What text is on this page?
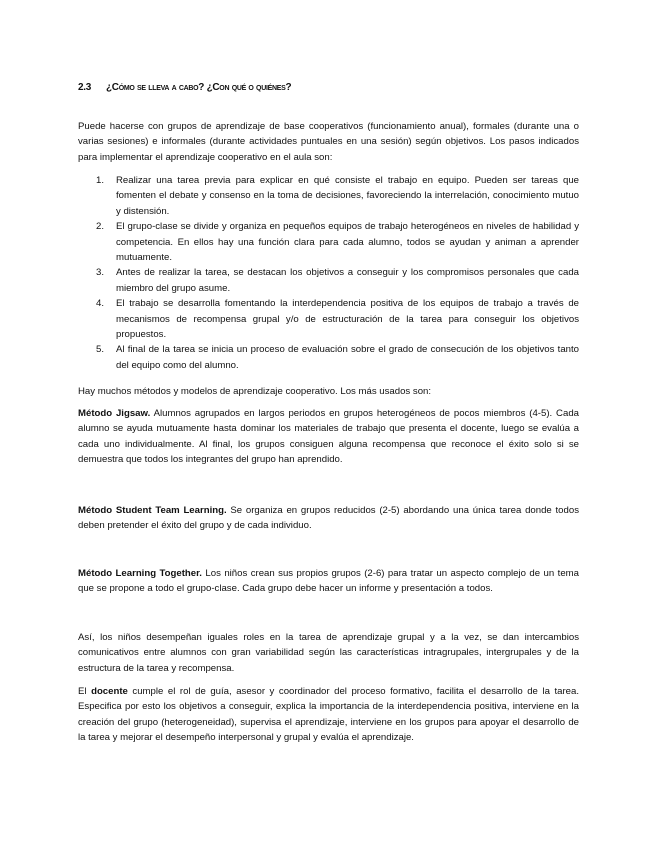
2.3 ¿Cómo se lleva a cabo? ¿Con qué o quiénes?

Puede hacerse con grupos de aprendizaje de base cooperativos (funcionamiento anual), formales (durante una o varias sesiones) e informales (durante actividades puntuales en una sesión) según objetivos. Los pasos indicados para implementar el aprendizaje cooperativo en el aula son:

1. Realizar una tarea previa para explicar en qué consiste el trabajo en equipo. Pueden ser tareas que fomenten el debate y consenso en la toma de decisiones, favoreciendo la interrelación, conocimiento mutuo y distensión.
2. El grupo-clase se divide y organiza en pequeños equipos de trabajo heterogéneos en niveles de habilidad y competencia. En ellos hay una función clara para cada alumno, todos se ayudan y animan a aprender mutuamente.
3. Antes de realizar la tarea, se destacan los objetivos a conseguir y los compromisos personales que cada miembro del grupo asume.
4. El trabajo se desarrolla fomentando la interdependencia positiva de los equipos de trabajo a través de mecanismos de recompensa grupal y/o de estructuración de la tarea para conseguir los objetivos propuestos.
5. Al final de la tarea se inicia un proceso de evaluación sobre el grado de consecución de los objetivos tanto del equipo como del alumno.

Hay muchos métodos y modelos de aprendizaje cooperativo. Los más usados son:

Método Jigsaw. Alumnos agrupados en largos periodos en grupos heterogéneos de pocos miembros (4-5). Cada alumno se ayuda mutuamente hasta dominar los materiales de trabajo que presenta el docente, luego se evalúa a cada uno individualmente. Al final, los grupos consiguen alguna recompensa que reconoce el éxito solo si se demuestra que todos los integrantes del grupo han aprendido.

Método Student Team Learning. Se organiza en grupos reducidos (2-5) abordando una única tarea donde todos deben pretender el éxito del grupo y de cada individuo.

Método Learning Together. Los niños crean sus propios grupos (2-6) para tratar un aspecto complejo de un tema que se propone a todo el grupo-clase. Cada grupo debe hacer un informe y presentación a todos.

Así, los niños desempeñan iguales roles en la tarea de aprendizaje grupal y a la vez, se dan intercambios comunicativos entre alumnos con gran variabilidad según las características intragrupales, intergrupales y de la estructura de la tarea y recompensa.

El docente cumple el rol de guía, asesor y coordinador del proceso formativo, facilita el desarrollo de la tarea. Especifica por esto los objetivos a conseguir, explica la importancia de la interdependencia positiva, interviene en la creación del grupo (heterogeneidad), supervisa el aprendizaje, interviene en los grupos para apoyar el desarrollo de la tarea y mejorar el desempeño interpersonal y grupal y evalúa el aprendizaje.
